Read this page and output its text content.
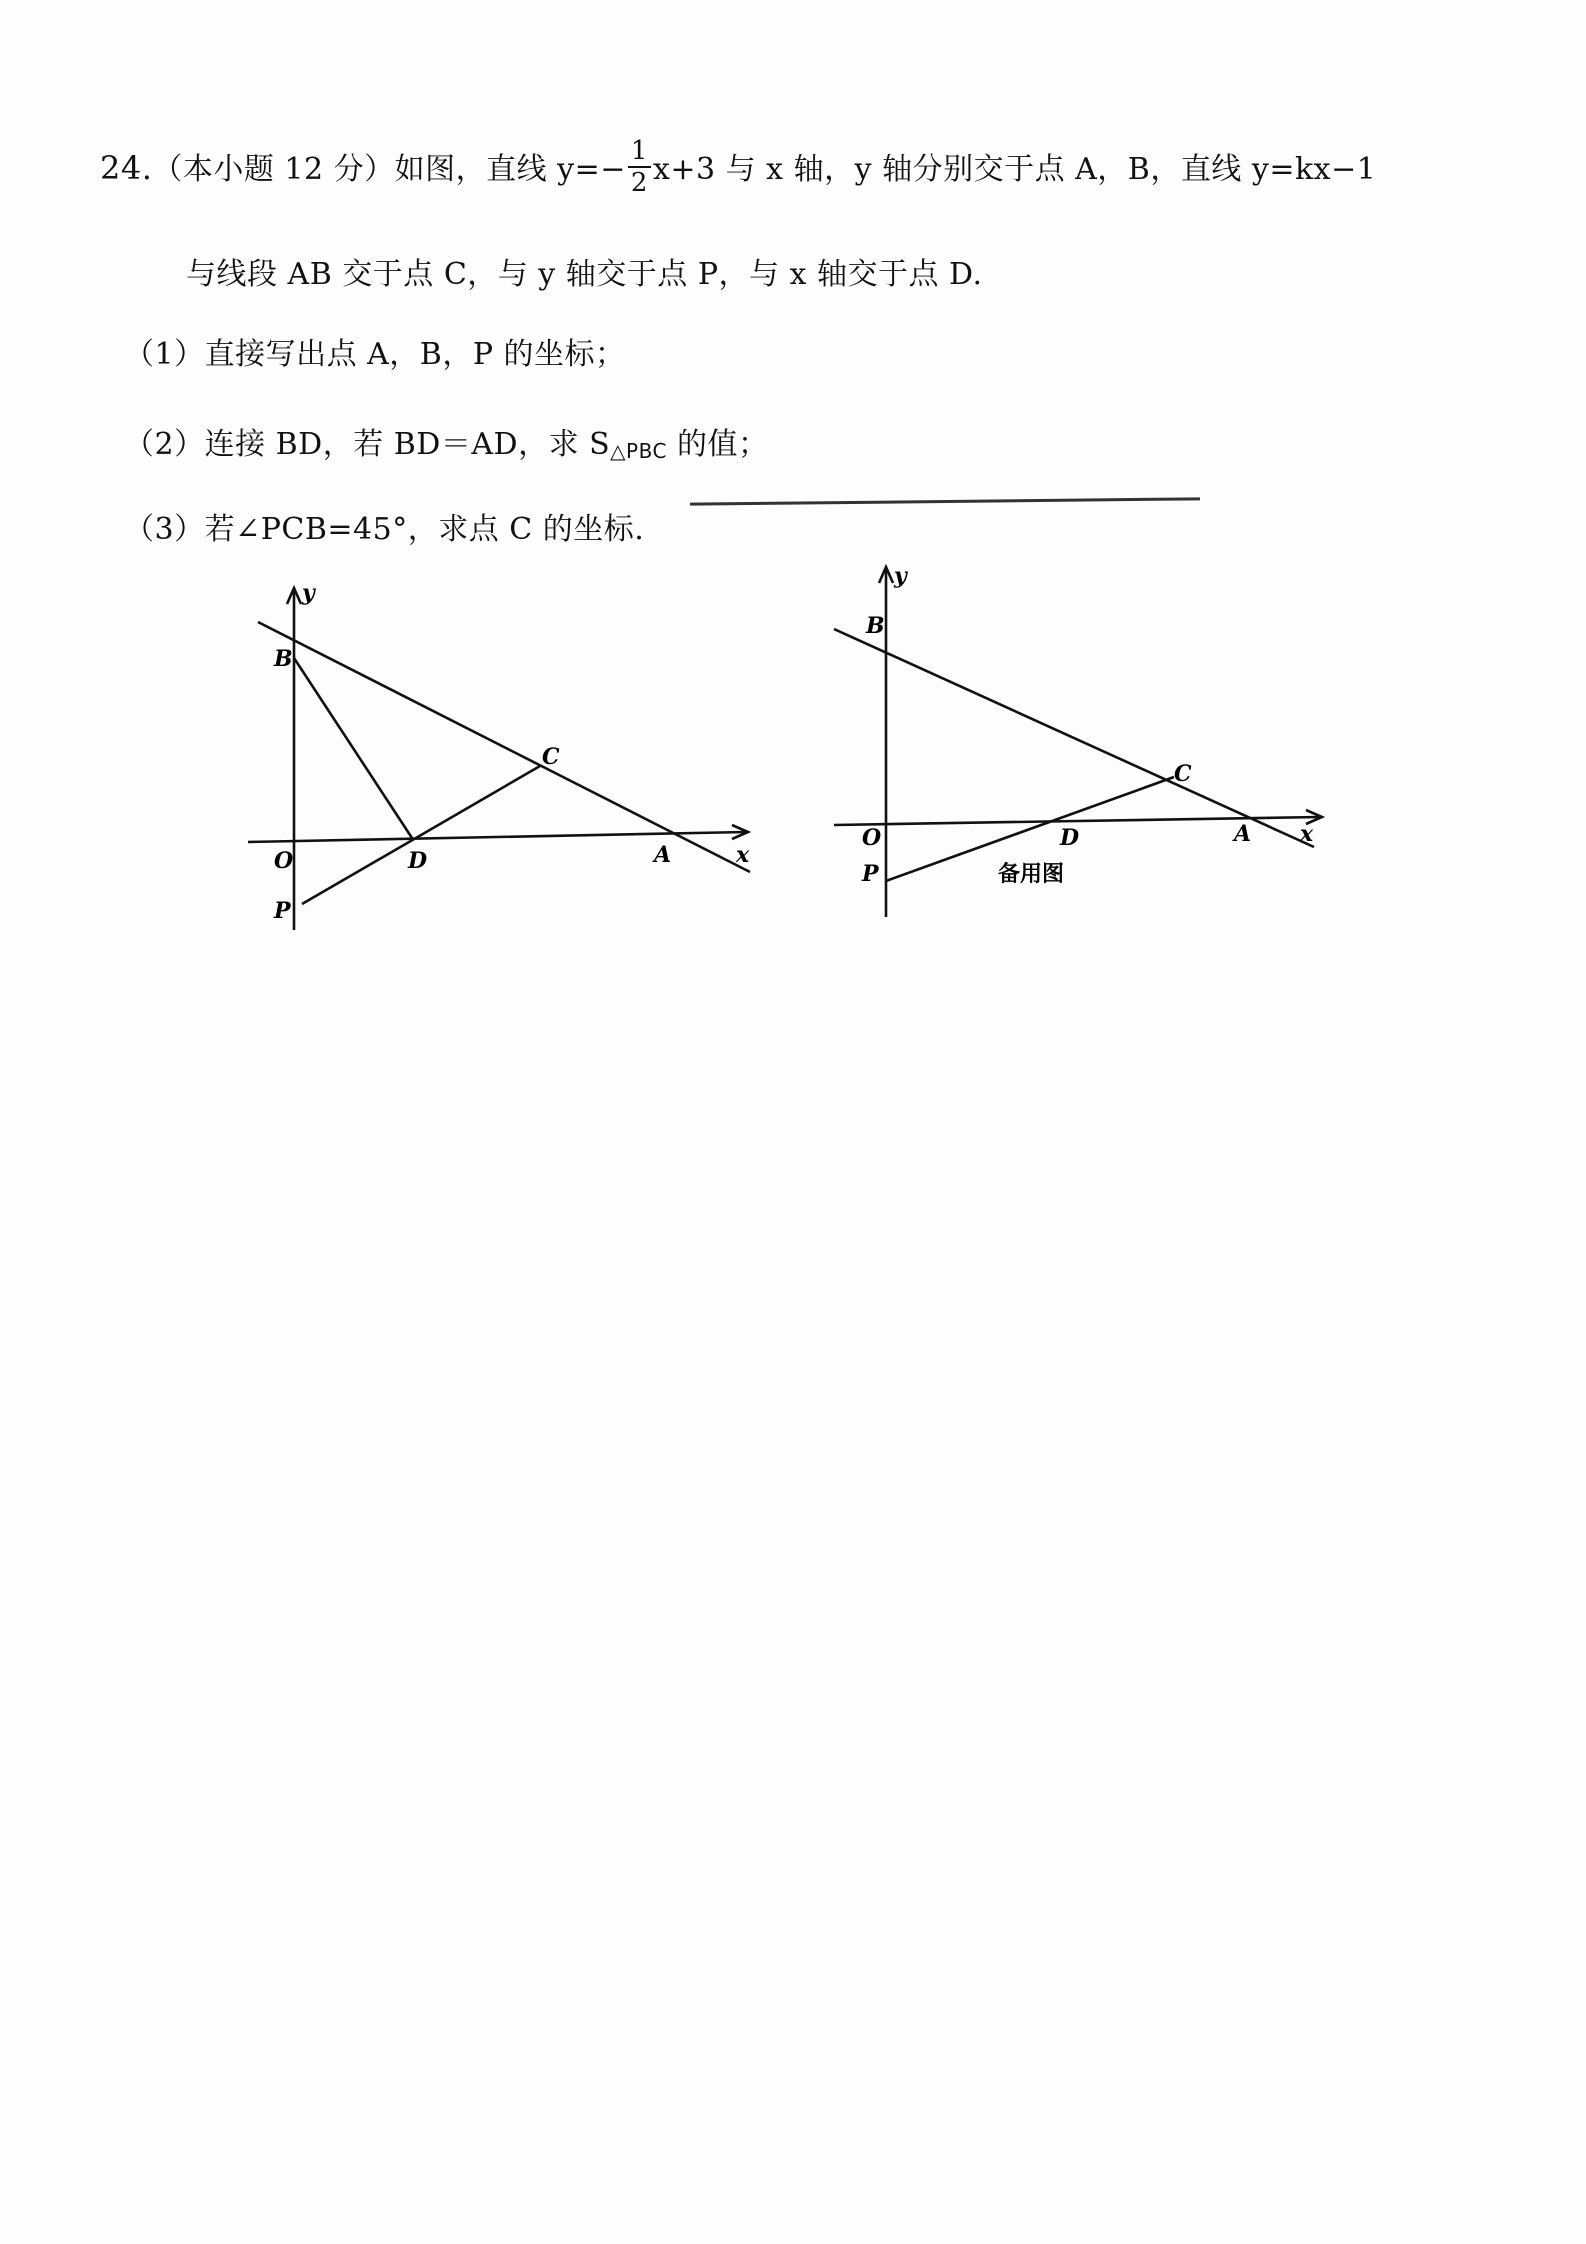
24.（本小题 12 分）如图，直线 $y=- \frac{1}{2} x+3$ 与 x 轴，y 轴分别交于点 A，B，直线 y=kx−1
与线段 AB 交于点 C，与 y 轴交于点 P，与 x 轴交于点 D.
（1）直接写出点 A，B，P 的坐标；
（2）连接 BD，若 BD＝AD，求 S△PBC 的值；
（3）若∠PCB=45°，求点 C 的坐标.
y
B
C
O	D	A	x
P
y
B
C
O	D	A x
P	备用图
